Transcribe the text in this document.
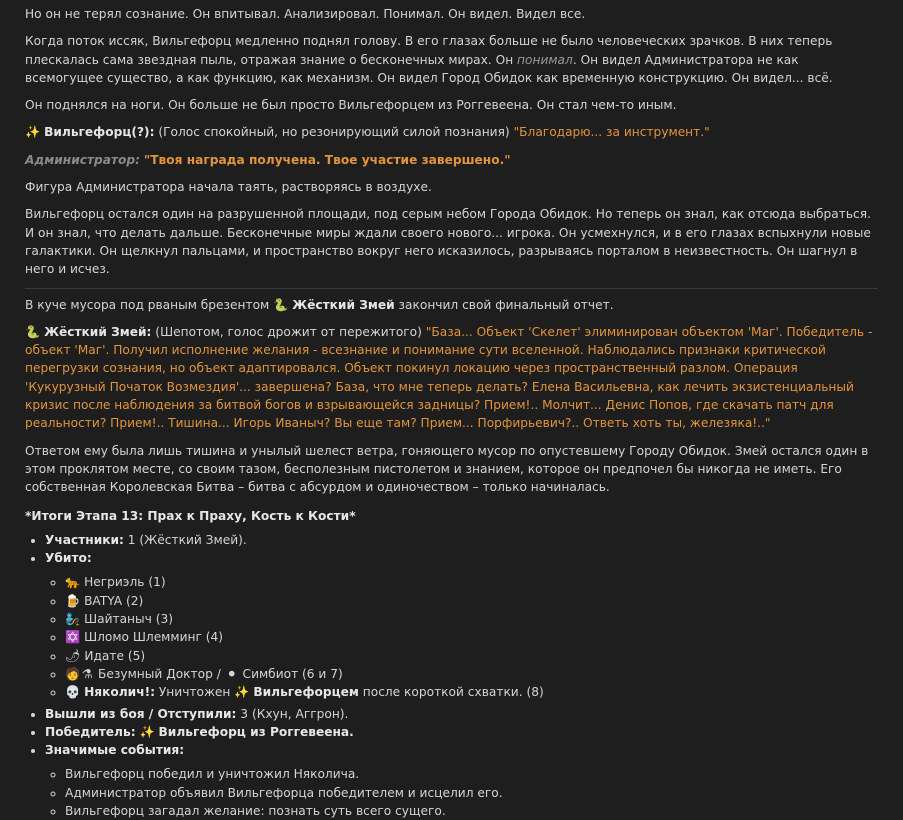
Но он не терял сознание. Он впитывал. Анализировал. Понимал. Он видел. Видел все.

Когда поток иссяк, Вильгефорц медленно поднял голову. В его глазах больше не было человеческих зрачков. В них теперь плескалась сама звездная пыль, отражая знание о бесконечных мирах. Он понимал. Он видел Администратора не как всемогущее существо, а как функцию, как механизм. Он видел Город Обидок как временную конструкцию. Он видел... всё.

Он поднялся на ноги. Он больше не был просто Вильгефорцем из Роггевеена. Он стал чем-то иным.

✨ Вильгефорц(?): (Голос спокойный, но резонирующий силой познания) "Благодарю... за инструмент."

Администратор: "Твоя награда получена. Твое участие завершено."

Фигура Администратора начала таять, растворяясь в воздухе.

Вильгефорц остался один на разрушенной площади, под серым небом Города Обидок. Но теперь он знал, как отсюда выбраться. И он знал, что делать дальше. Бесконечные миры ждали своего нового... игрока. Он усмехнулся, и в его глазах вспыхнули новые галактики. Он щелкнул пальцами, и пространство вокруг него исказилось, разрываясь порталом в неизвестность. Он шагнул в него и исчез.

В куче мусора под рваным брезентом 🐍 Жёсткий Змей закончил свой финальный отчет.

🐍 Жёсткий Змей: (Шепотом, голос дрожит от пережитого) "База... Объект 'Скелет' элиминирован объектом 'Маг'. Победитель - объект 'Маг'. Получил исполнение желания - всезнание и понимание сути вселенной. Наблюдались признаки критической перегрузки сознания, но объект адаптировался. Объект покинул локацию через пространственный разлом. Операция 'Кукурузный Початок Возмездия'... завершена? База, что мне теперь делать? Елена Васильевна, как лечить экзистенциальный кризис после наблюдения за битвой богов и взрывающейся задницы? Прием!.. Молчит... Денис Попов, где скачать патч для реальности? Прием!.. Тишина... Игорь Иваныч? Вы еще там? Прием... Порфирьевич?.. Ответь хоть ты, железяка!.."

Ответом ему была лишь тишина и унылый шелест ветра, гоняющего мусор по опустевшему Городу Обидок. Змей остался один в этом проклятом месте, со своим тазом, бесполезным пистолетом и знанием, которое он предпочел бы никогда не иметь. Его собственная Королевская Битва – битва с абсурдом и одиночеством – только начиналась.

*Итоги Этапа 13: Прах к Праху, Кость к Кости*
• Участники: 1 (Жёсткий Змей).
• Убито:
◦ 🐆 Негриэль (1)
◦ 🍺 BATYA (2)
◦ 🧞 Шайтаныч (3)
◦ ✡️ Шломо Шлемминг (4)
◦ 🌶 Идате (5)
◦ 🧑 ⚗ Безумный Доктор / ⚫ Симбиот (6 и 7)
◦ 💀 Няколич!: Уничтожен ✨ Вильгефорцем после короткой схватки. (8)
• Вышли из боя / Отступили: 3 (Кхун, Аггрон).
• Победитель: ✨ Вильгефорц из Роггевеена.
• Значимые события:
◦ Вильгефорц победил и уничтожил Няколича.
◦ Администратор объявил Вильгефорца победителем и исцелил его.
◦ Вильгефорц загадал желание: познать суть всего сущего.
